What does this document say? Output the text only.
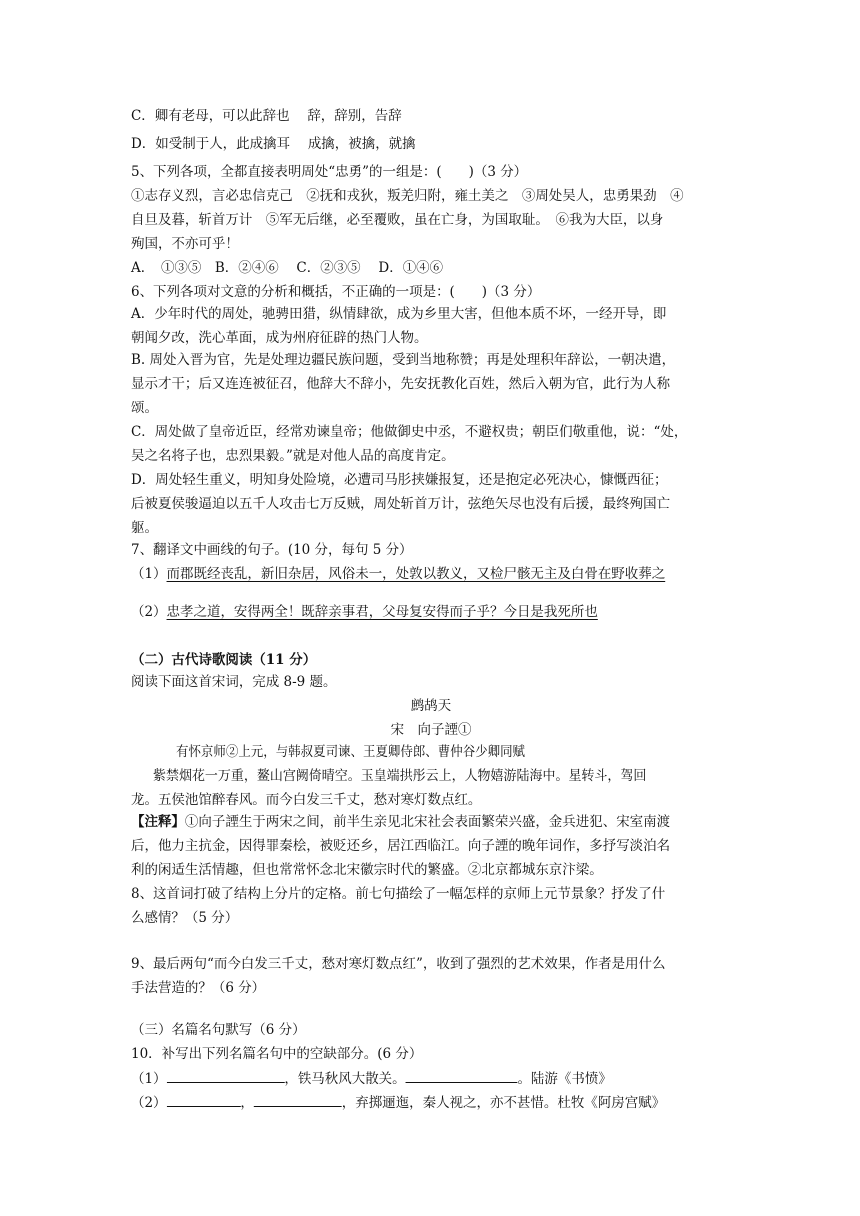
C．卿有老母，可以此辞也　 辞，辞别，告辞
D．如受制于人，此成擒耳　 成擒，被擒，就擒
5、下列各项，全都直接表明周处“忠勇”的一组是：(　　)（3 分）
①志存义烈，言必忠信克己　②抚和戎狄，叛羌归附，雍土美之　③周处吴人，忠勇果劲　④
自旦及暮，斩首万计　⑤军无后继，必至覆败，虽在亡身，为国取耻。　⑥我为大臣，以身
殉国，不亦可乎！
A．　①③⑤　B．②④⑥　 C．②③⑤　 D．①④⑥
6、下列各项对文意的分析和概括，不正确的一项是：(　　)（3 分）
A．少年时代的周处，驰骋田猎，纵情肆欲，成为乡里大害，但他本质不坏，一经开导，即
朝闻夕改，洗心革面，成为州府征辟的热门人物。
B. 周处入晋为官，先是处理边疆民族问题，受到当地称赞；再是处理积年辞讼，一朝决遣，
显示才干；后又连连被征召，他辞大不辞小，先安抚教化百姓，然后入朝为官，此行为人称
颂。
C．周处做了皇帝近臣，经常劝谏皇帝；他做御史中丞，不避权贵；朝臣们敬重他，说：“处，
吴之名将子也，忠烈果毅。”就是对他人品的高度肯定。
D．周处轻生重义，明知身处险境，必遭司马肜挟嫌报复，还是抱定必死决心，慷慨西征；
后被夏侯骏逼迫以五千人攻击七万反贼，周处斩首万计，弦绝矢尽也没有后援，最终殉国亡
躯。
7、翻译文中画线的句子。(10 分，每句 5 分）
（1）而郡既经丧乱，新旧杂居，风俗未一，处敦以教义，又检尸骸无主及白骨在野收葬之
（2）忠孝之道，安得两全！既辞亲事君，父母复安得而子乎？今日是我死所也
（二）古代诗歌阅读（11 分）
阅读下面这首宋词，完成 8-9 题。
鹧鸪天
宋　向子諲①
有怀京师②上元，与韩叔夏司谏、王夏卿侍郎、曹仲谷少卿同赋
紫禁烟花一万重，鳌山宫阙倚晴空。玉皇端拱彤云上，人物嬉游陆海中。星转斗，驾回
龙。五侯池馆醉春风。而今白发三千丈，愁对寒灯数点红。
【注释】①向子諲生于两宋之间，前半生亲见北宋社会表面繁荣兴盛，金兵进犯、宋室南渡
后，他力主抗金，因得罪秦桧，被贬还乡，居江西临江。向子諲的晚年词作，多抒写淡泊名
利的闲适生活情趣，但也常常怀念北宋徽宗时代的繁盛。②北京都城东京汴梁。
8、这首词打破了结构上分片的定格。前七句描绘了一幅怎样的京师上元节景象？抒发了什
么感情？（5 分）
9、最后两句“而今白发三千丈，愁对寒灯数点红”，收到了强烈的艺术效果，作者是用什么
手法营造的？（6 分）
（三）名篇名句默写（6 分）
10．补写出下列名篇名句中的空缺部分。(6 分）
（1）	，铁马秋风大散关。	。陆游《书愤》
（2）	，	，弃掷逦迤，秦人视之，亦不甚惜。杜牧《阿房宫赋》
